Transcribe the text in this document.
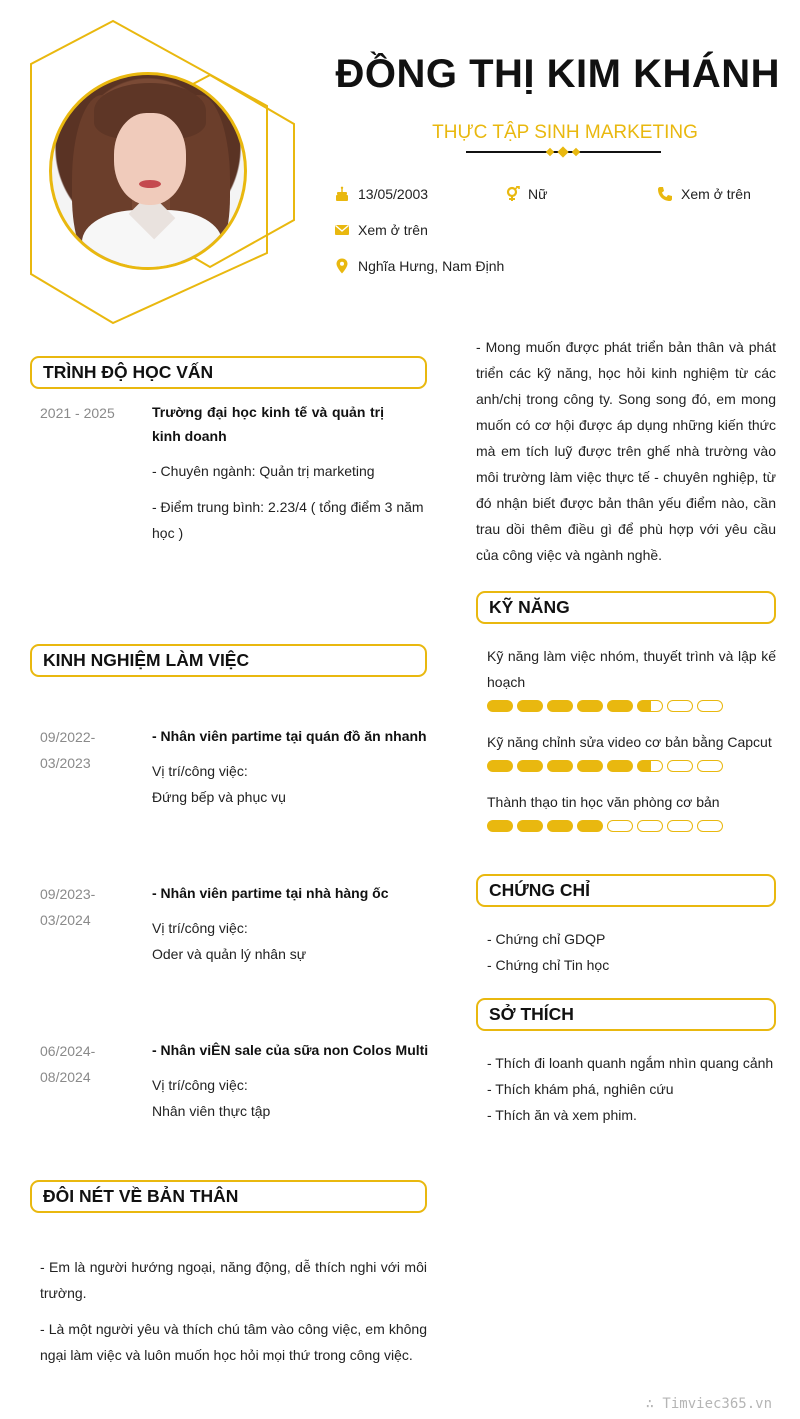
ĐỒNG THỊ KIM KHÁNH
THỰC TẬP SINH MARKETING
13/05/2003	Nữ	Xem ở trên
Xem ở trên
Nghĩa Hưng, Nam Định
TRÌNH ĐỘ HỌC VẤN
2021 - 2025	Trường đại học kinh tế và quản trị
kinh doanh
- Chuyên ngành: Quản trị marketing
- Điểm trung bình: 2.23/4 ( tổng điểm 3 năm
học )
KINH NGHIỆM LÀM VIỆC
09/2022-
03/2023
- Nhân viên partime tại quán đồ ăn nhanh
Vị trí/công việc:
Đứng bếp và phục vụ
09/2023-
03/2024
- Nhân viên partime tại nhà hàng ốc
Vị trí/công việc:
Oder và quản lý nhân sự
06/2024-
08/2024
- Nhân viÊN sale của sữa non Colos Multi
Vị trí/công việc:
Nhân viên thực tập
ĐÔI NÉT VỀ BẢN THÂN
- Em là người hướng ngoại, năng động, dễ thích nghi với môi
trường.
- Là một người yêu và thích chú tâm vào công việc, em không
ngại làm việc và luôn muốn học hỏi mọi thứ trong công việc.
- Mong muốn được phát triển bản thân và phát
triển các kỹ năng, học hỏi kinh nghiệm từ các
anh/chị trong công ty. Song song đó, em mong
muốn có cơ hội được áp dụng những kiến thức
mà em tích luỹ được trên ghế nhà trường vào
môi trường làm việc thực tế - chuyên nghiệp, từ
đó nhận biết được bản thân yếu điểm nào, cần
trau dồi thêm điều gì để phù hợp với yêu cầu
của công việc và ngành nghề.
KỸ NĂNG
Kỹ năng làm việc nhóm, thuyết trình và lập kế
hoạch
Kỹ năng chỉnh sửa video cơ bản bằng Capcut
Thành thạo tin học văn phòng cơ bản
CHỨNG CHỈ
- Chứng chỉ GDQP
- Chứng chỉ Tin học
SỞ THÍCH
- Thích đi loanh quanh ngắm nhìn quang cảnh
- Thích khám phá, nghiên cứu
- Thích ăn và xem phim.
∴ Timviec365.vn
